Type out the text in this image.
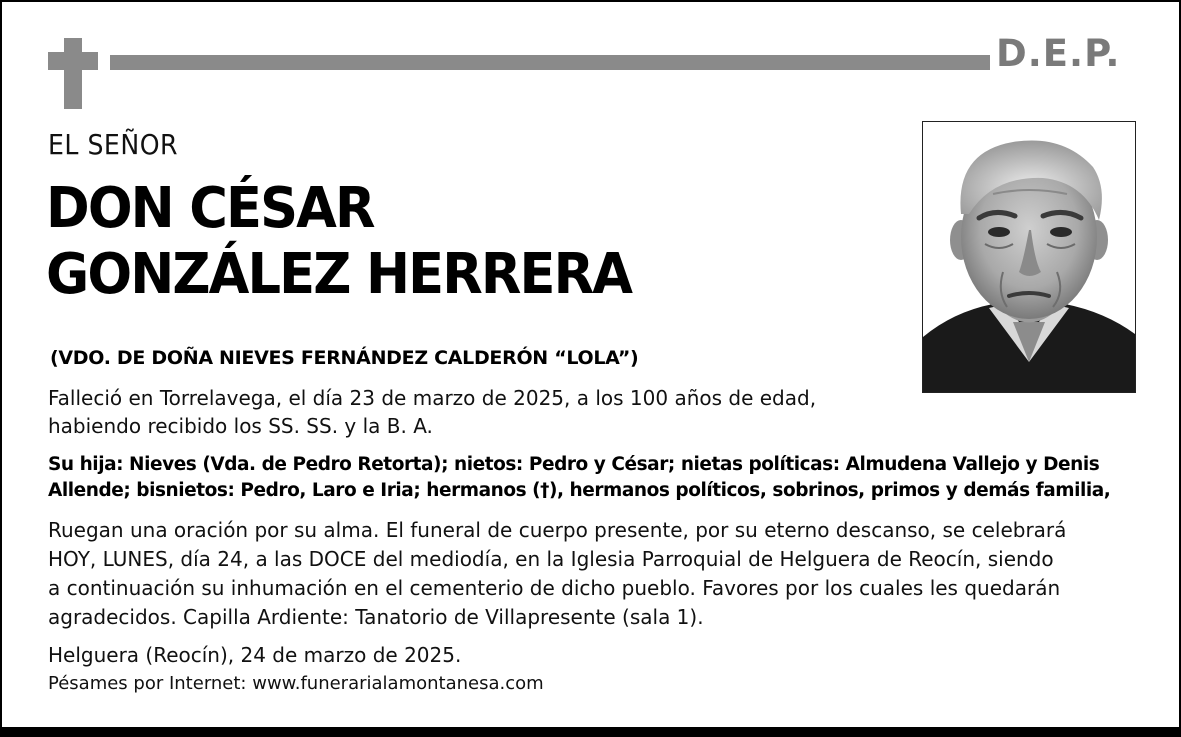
D.E.P.
EL SEÑOR
DON CÉSAR
GONZÁLEZ HERRERA
(VDO. DE DOÑA NIEVES FERNÁNDEZ CALDERÓN “LOLA”)
Falleció en Torrelavega, el día 23 de marzo de 2025, a los 100 años de edad,
habiendo recibido los SS. SS. y la B. A.
Su hija: Nieves (Vda. de Pedro Retorta); nietos: Pedro y César; nietas políticas: Almudena Vallejo y Denis
Allende; bisnietos: Pedro, Laro e Iria; hermanos (†), hermanos políticos, sobrinos, primos y demás familia,
Ruegan una oración por su alma. El funeral de cuerpo presente, por su eterno descanso, se celebrará
HOY, LUNES, día 24, a las DOCE del mediodía, en la Iglesia Parroquial de Helguera de Reocín, siendo
a continuación su inhumación en el cementerio de dicho pueblo. Favores por los cuales les quedarán
agradecidos. Capilla Ardiente: Tanatorio de Villapresente (sala 1).
Helguera (Reocín), 24 de marzo de 2025.
Pésames por Internet: www.funerarialamontanesa.com
